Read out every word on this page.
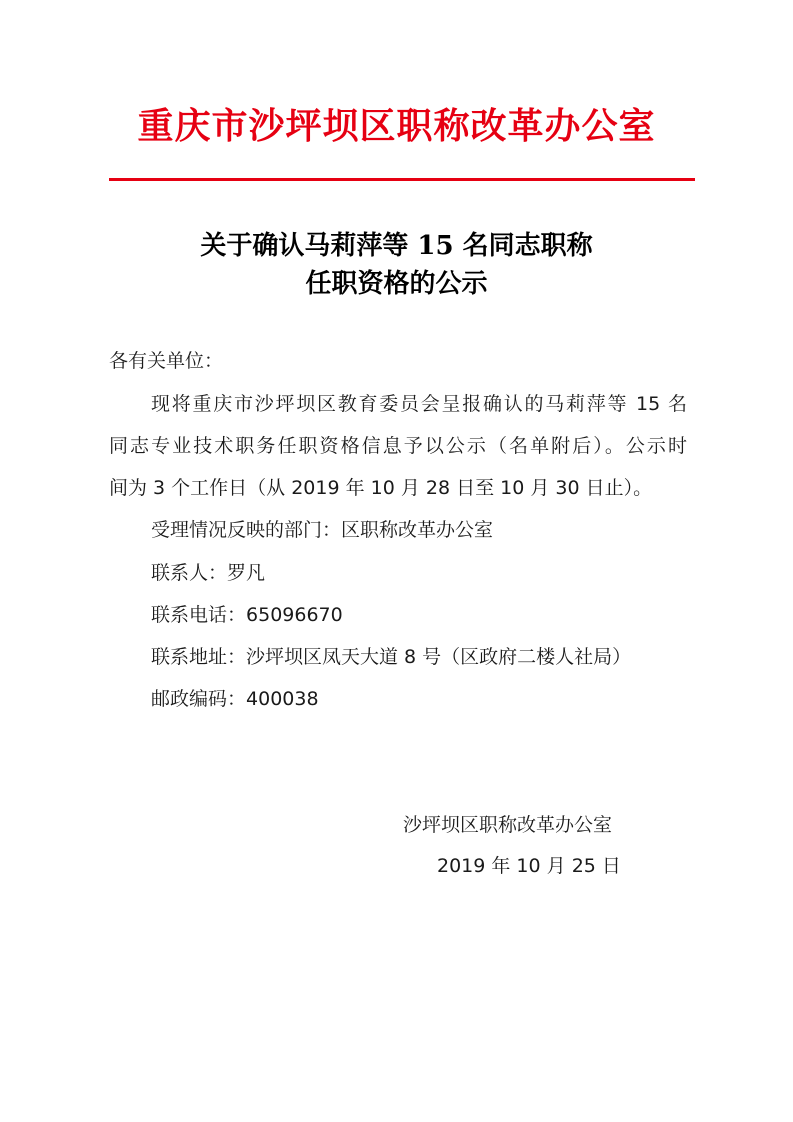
重庆市沙坪坝区职称改革办公室
关于确认马莉萍等 15 名同志职称
任职资格的公示
各有关单位：
现将重庆市沙坪坝区教育委员会呈报确认的马莉萍等 15 名
同志专业技术职务任职资格信息予以公示（名单附后）。公示时
间为 3 个工作日（从 2019 年 10 月 28 日至 10 月 30 日止）。
受理情况反映的部门：区职称改革办公室
联系人：罗凡
联系电话：65096670
联系地址：沙坪坝区凤天大道 8 号（区政府二楼人社局）
邮政编码：400038
沙坪坝区职称改革办公室
2019 年 10 月 25 日
